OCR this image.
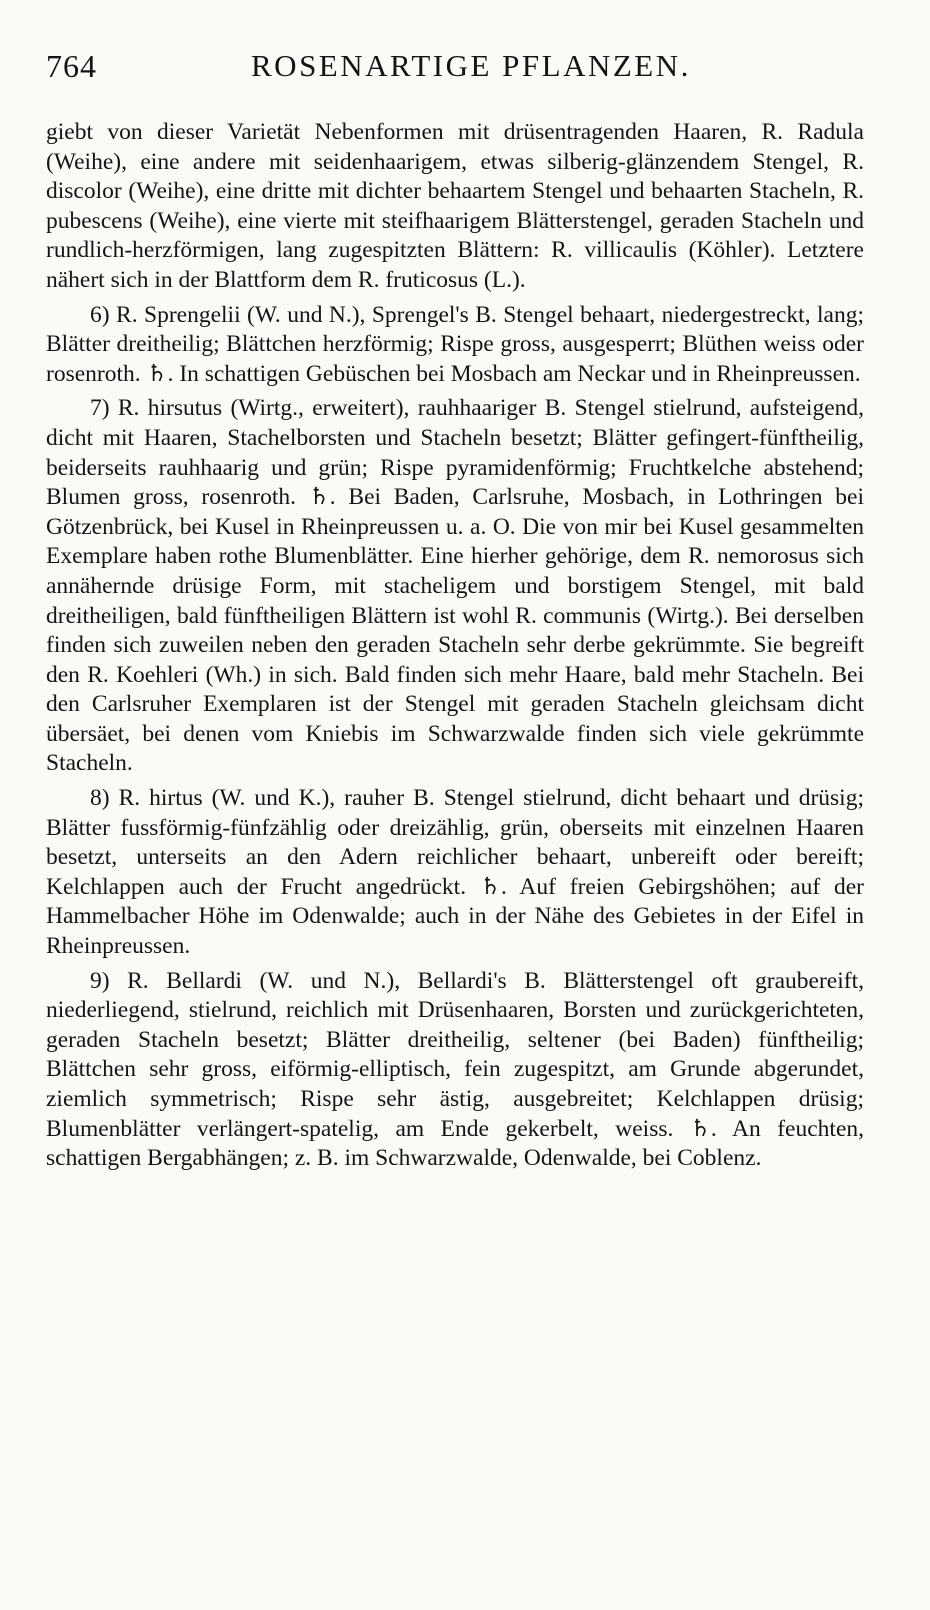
764	ROSENARTIGE PFLANZEN.

giebt von dieser Varietät Nebenformen mit drüsentragenden Haaren, R. Radula (Weihe), eine andere mit seidenhaarigem, etwas silberig-glänzendem Stengel, R. discolor (Weihe), eine dritte mit dichter behaartem Stengel und behaarten Stacheln, R. pubescens (Weihe), eine vierte mit steifhaarigem Blätterstengel, geraden Stacheln und rundlich-herzförmigen, lang zugespitzten Blättern: R. villicaulis (Köhler). Letztere nähert sich in der Blattform dem R. fruticosus (L.).

6) R. Sprengelii (W. und N.), Sprengel's B. Stengel behaart, niedergestreckt, lang; Blätter dreitheilig; Blättchen herzförmig; Rispe gross, ausgesperrt; Blüthen weiss oder rosenroth. ♄. In schattigen Gebüschen bei Mosbach am Neckar und in Rheinpreussen.

7) R. hirsutus (Wirtg., erweitert), rauhhaariger B. Stengel stielrund, aufsteigend, dicht mit Haaren, Stachelborsten und Stacheln besetzt; Blätter gefingert-fünftheilig, beiderseits rauhhaarig und grün; Rispe pyramidenförmig; Fruchtkelche abstehend; Blumen gross, rosenroth. ♄. Bei Baden, Carlsruhe, Mosbach, in Lothringen bei Götzenbrück, bei Kusel in Rheinpreussen u. a. O. Die von mir bei Kusel gesammelten Exemplare haben rothe Blumenblätter. Eine hierher gehörige, dem R. nemorosus sich annähernde drüsige Form, mit stacheligem und borstigem Stengel, mit bald dreitheiligen, bald fünftheiligen Blättern ist wohl R. communis (Wirtg.). Bei derselben finden sich zuweilen neben den geraden Stacheln sehr derbe gekrümmte. Sie begreift den R. Koehleri (Wh.) in sich. Bald finden sich mehr Haare, bald mehr Stacheln. Bei den Carlsruher Exemplaren ist der Stengel mit geraden Stacheln gleichsam dicht übersäet, bei denen vom Kniebis im Schwarzwalde finden sich viele gekrümmte Stacheln.

8) R. hirtus (W. und K.), rauher B. Stengel stielrund, dicht behaart und drüsig; Blätter fussförmig-fünfzählig oder dreizählig, grün, oberseits mit einzelnen Haaren besetzt, unterseits an den Adern reichlicher behaart, unbereift oder bereift; Kelchlappen auch der Frucht angedrückt. ♄. Auf freien Gebirgshöhen; auf der Hammelbacher Höhe im Odenwalde; auch in der Nähe des Gebietes in der Eifel in Rheinpreussen.

9) R. Bellardi (W. und N.), Bellardi's B. Blätterstengel oft graubereift, niederliegend, stielrund, reichlich mit Drüsenhaaren, Borsten und zurückgerichteten, geraden Stacheln besetzt; Blätter dreitheilig, seltener (bei Baden) fünftheilig; Blättchen sehr gross, eiförmig-elliptisch, fein zugespitzt, am Grunde abgerundet, ziemlich symmetrisch; Rispe sehr ästig, ausgebreitet; Kelchlappen drüsig; Blumenblätter verlängert-spatelig, am Ende gekerbelt, weiss. ♄. An feuchten, schattigen Bergabhängen; z. B. im Schwarzwalde, Odenwalde, bei Coblenz.
